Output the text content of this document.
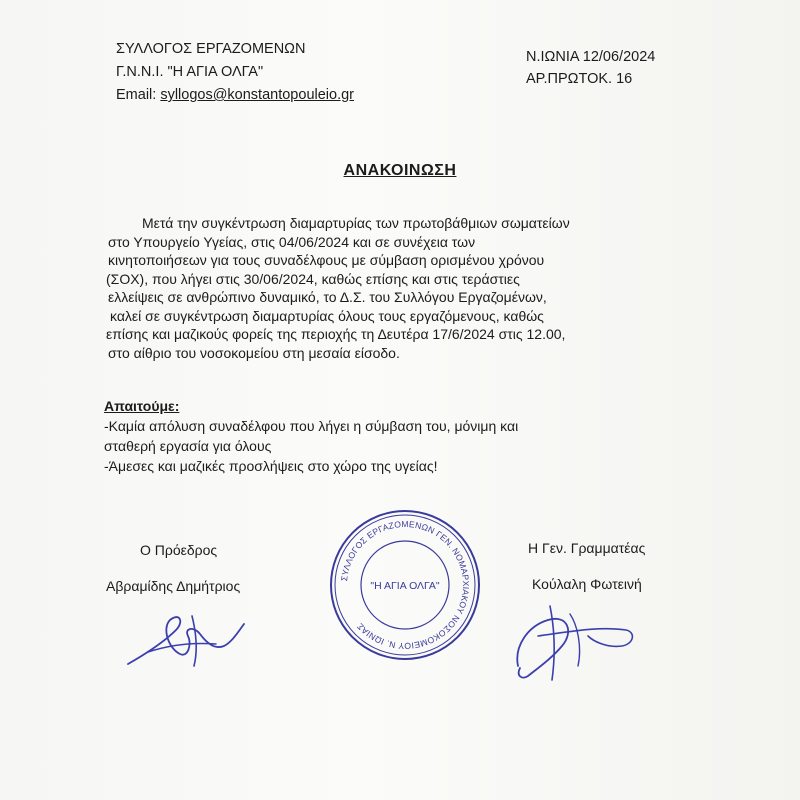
ΣΥΛΛΟΓΟΣ ΕΡΓΑΖΟΜΕΝΩΝ
Γ.Ν.Ν.Ι. "Η ΑΓΙΑ ΟΛΓΑ"
Email: syllogos@konstantopouleio.gr
Ν.ΙΩΝΙΑ 12/06/2024
ΑΡ.ΠΡΩΤΟΚ. 16
ΑΝΑΚΟΙΝΩΣΗ
Μετά την συγκέντρωση διαμαρτυρίας των πρωτοβάθμιων σωματείων
στο Υπουργείο Υγείας, στις 04/06/2024 και σε συνέχεια των
κινητοποιήσεων για τους συναδέλφους με σύμβαση ορισμένου χρόνου
(ΣΟΧ), που λήγει στις 30/06/2024, καθώς επίσης και στις τεράστιες
ελλείψεις σε ανθρώπινο δυναμικό, το Δ.Σ. του Συλλόγου Εργαζομένων,
καλεί σε συγκέντρωση διαμαρτυρίας όλους τους εργαζόμενους, καθώς
επίσης και μαζικούς φορείς της περιοχής τη Δευτέρα 17/6/2024 στις 12.00,
στο αίθριο του νοσοκομείου στη μεσαία είσοδο.
Απαιτούμε:
-Καμία απόλυση συναδέλφου που λήγει η σύμβαση του, μόνιμη και
σταθερή εργασία για όλους
-Άμεσες και μαζικές προσλήψεις στο χώρο της υγείας!
Ο Πρόεδρος
Αβραμίδης Δημήτριος
Η Γεν. Γραμματέας
Κούλαλη Φωτεινή
ΣΥΛΛΟΓΟΣ ΕΡΓΑΖΟΜΕΝΩΝ ΓΕΝ. ΝΟΜΑΡΧΙΑΚΟΥ ΝΟΣΟΚΟΜΕΙΟΥ Ν. ΙΩΝΙΑΣ
"Η ΑΓΙΑ ΟΛΓΑ"
